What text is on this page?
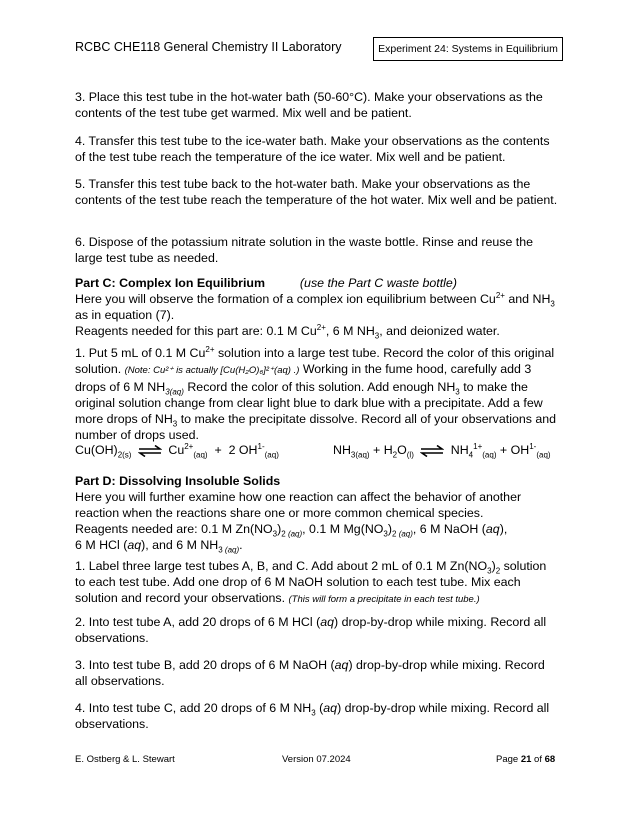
RCBC CHE118 General Chemistry II Laboratory	Experiment 24: Systems in Equilibrium
3. Place this test tube in the hot-water bath (50-60°C). Make your observations as the contents of the test tube get warmed. Mix well and be patient.
4. Transfer this test tube to the ice-water bath. Make your observations as the contents of the test tube reach the temperature of the ice water. Mix well and be patient.
5. Transfer this test tube back to the hot-water bath. Make your observations as the contents of the test tube reach the temperature of the hot water. Mix well and be patient.
6. Dispose of the potassium nitrate solution in the waste bottle. Rinse and reuse the large test tube as needed.

Part C: Complex Ion Equilibrium	(use the Part C waste bottle)

Here you will observe the formation of a complex ion equilibrium between $Cu^{2+}$ and $NH_3$

as in equation (7).

Reagents needed for this part are: 0.1 M $Cu^{2+}$, 6 M $NH_3$, and deionized water.

1. Put 5 mL of 0.1 M $Cu^{2+}$ solution into a large test tube. Record the color of this original solution. (Note: Cu²⁺ is actually [Cu(H₂O)₆]²⁺(aq) .) Working in the fume hood, carefully add 3 drops of 6 M $NH_{3(aq)}$ Record the color of this solution. Add enough $NH_3$ to make the original solution change from clear light blue to dark blue with a precipitate. Add a few more drops of $NH_3$ to make the precipitate dissolve. Record all of your observations and number of drops used.
$Cu(OH)_{2(s)}$ ⇌ $Cu^{2+}_{(aq)} + 2$ $OH^{1-}_{(aq)}$	$NH_{3(aq)} + H_2O_{(l)}$ ⇌ $NH_4^{1+}_{(aq)} + OH^{1-}_{(aq)}$

Part D: Dissolving Insoluble Solids

Here you will further examine how one reaction can affect the behavior of another reaction when the reactions share one or more common chemical species.

Reagents needed are: 0.1 M $Zn(NO_3)_{2 (aq)}$, 0.1 M $Mg(NO_3)_{2 (aq)}$, 6 M NaOH (aq),
6 M HCl (aq), and 6 M $NH_{3 (aq)}$.

1. Label three large test tubes A, B, and C. Add about 2 mL of 0.1 M $Zn(NO_3)_2$ solution to each test tube. Add one drop of 6 M NaOH solution to each test tube. Mix each solution and record your observations. (This will form a precipitate in each test tube.)
2. Into test tube A, add 20 drops of 6 M HCl (aq) drop-by-drop while mixing. Record all observations.
3. Into test tube B, add 20 drops of 6 M NaOH (aq) drop-by-drop while mixing. Record all observations.
4. Into test tube C, add 20 drops of 6 M $NH_3$ (aq) drop-by-drop while mixing. Record all observations.
E. Ostberg & L. Stewart	Version 07.2024	Page 21 of 68
